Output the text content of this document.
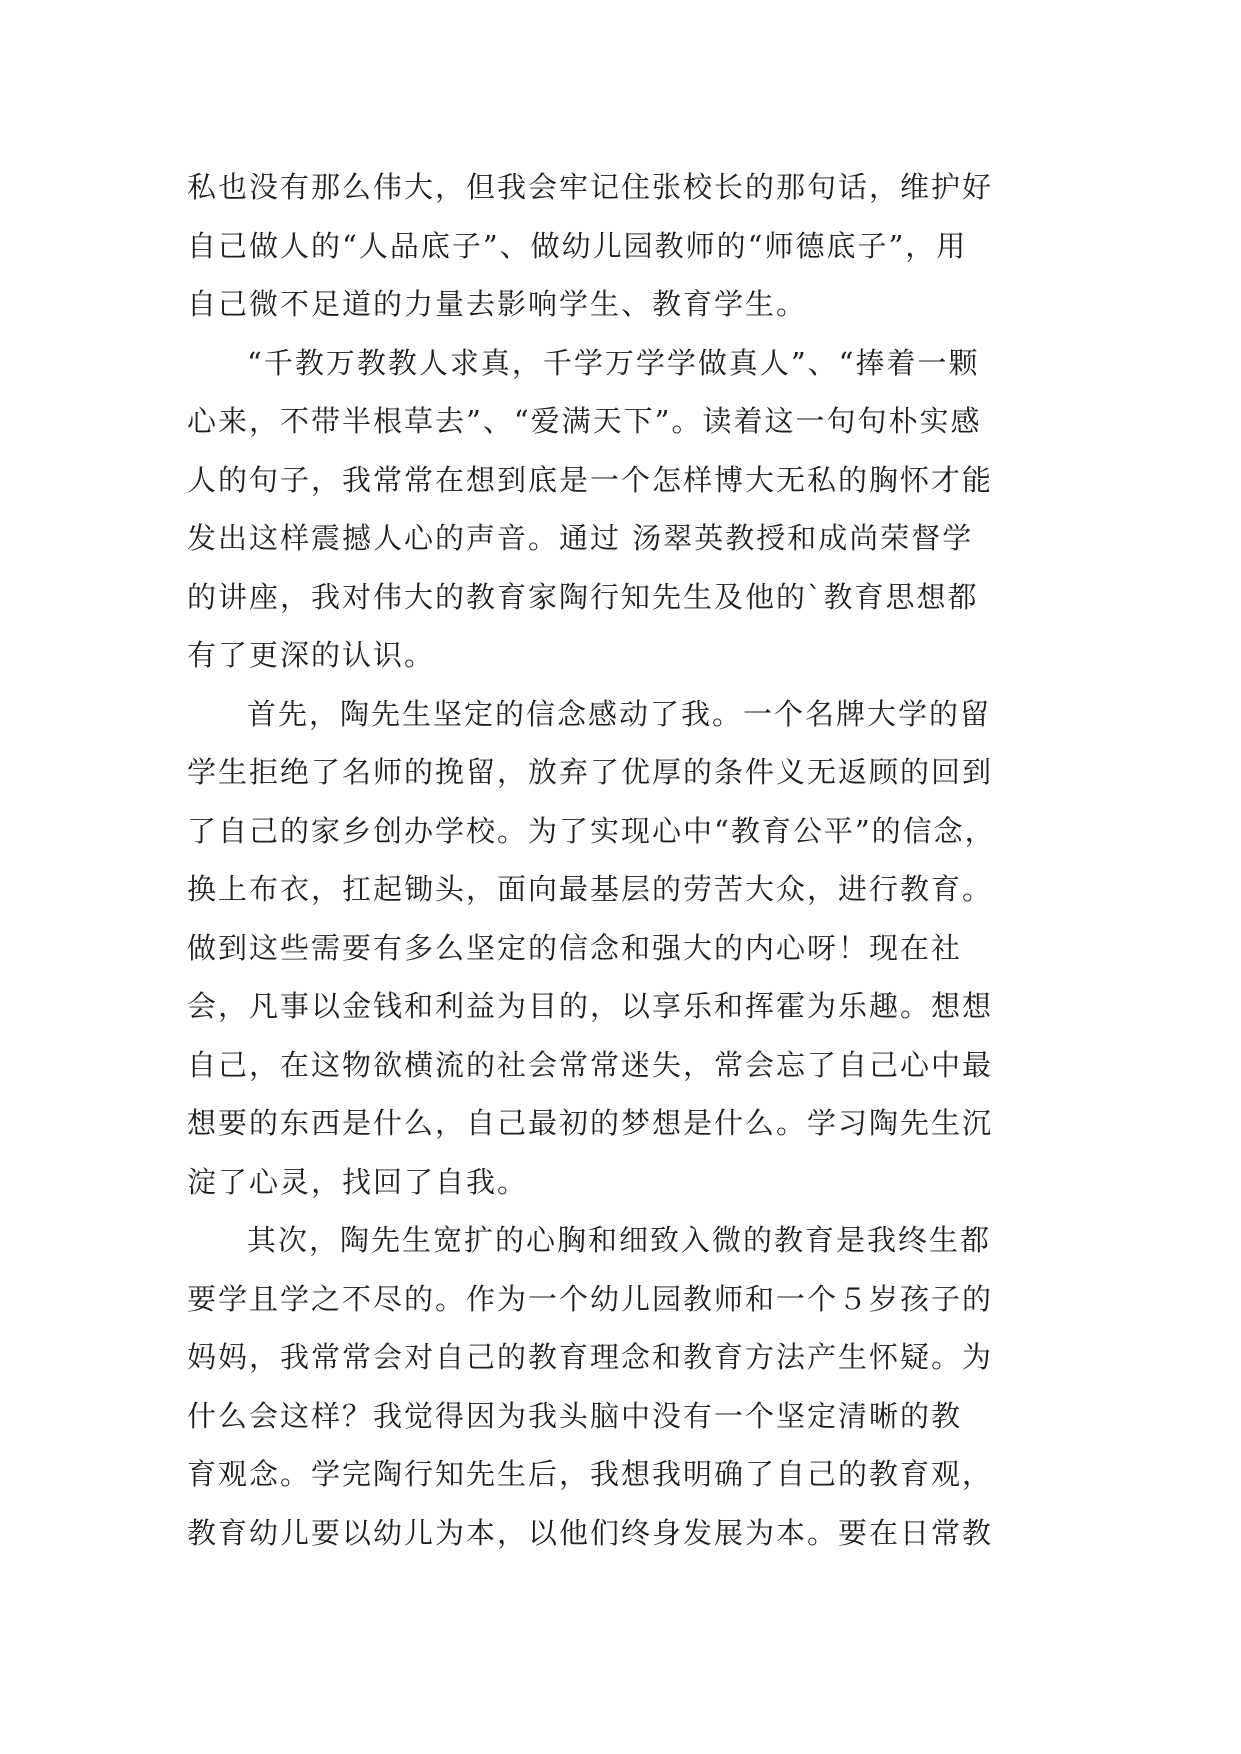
私也没有那么伟大，但我会牢记住张校长的那句话，维护好
自己做人的“人品底子”、做幼儿园教师的“师德底子”，用
自己微不足道的力量去影响学生、教育学生。
“千教万教教人求真，千学万学学做真人”、“捧着一颗
心来，不带半根草去”、“爱满天下”。读着这一句句朴实感
人的句子，我常常在想到底是一个怎样博大无私的胸怀才能
发出这样震撼人心的声音。通过 汤翠英教授和成尚荣督学
的讲座，我对伟大的教育家陶行知先生及他的`教育思想都
有了更深的认识。
首先，陶先生坚定的信念感动了我。一个名牌大学的留
学生拒绝了名师的挽留，放弃了优厚的条件义无返顾的回到
了自己的家乡创办学校。为了实现心中“教育公平”的信念，
换上布衣，扛起锄头，面向最基层的劳苦大众，进行教育。
做到这些需要有多么坚定的信念和强大的内心呀！现在社
会，凡事以金钱和利益为目的，以享乐和挥霍为乐趣。想想
自己，在这物欲横流的社会常常迷失，常会忘了自己心中最
想要的东西是什么，自己最初的梦想是什么。学习陶先生沉
淀了心灵，找回了自我。
其次，陶先生宽扩的心胸和细致入微的教育是我终生都
要学且学之不尽的。作为一个幼儿园教师和一个５岁孩子的
妈妈，我常常会对自己的教育理念和教育方法产生怀疑。为
什么会这样？我觉得因为我头脑中没有一个坚定清晰的教
育观念。学完陶行知先生后，我想我明确了自己的教育观，
教育幼儿要以幼儿为本，以他们终身发展为本。要在日常教
